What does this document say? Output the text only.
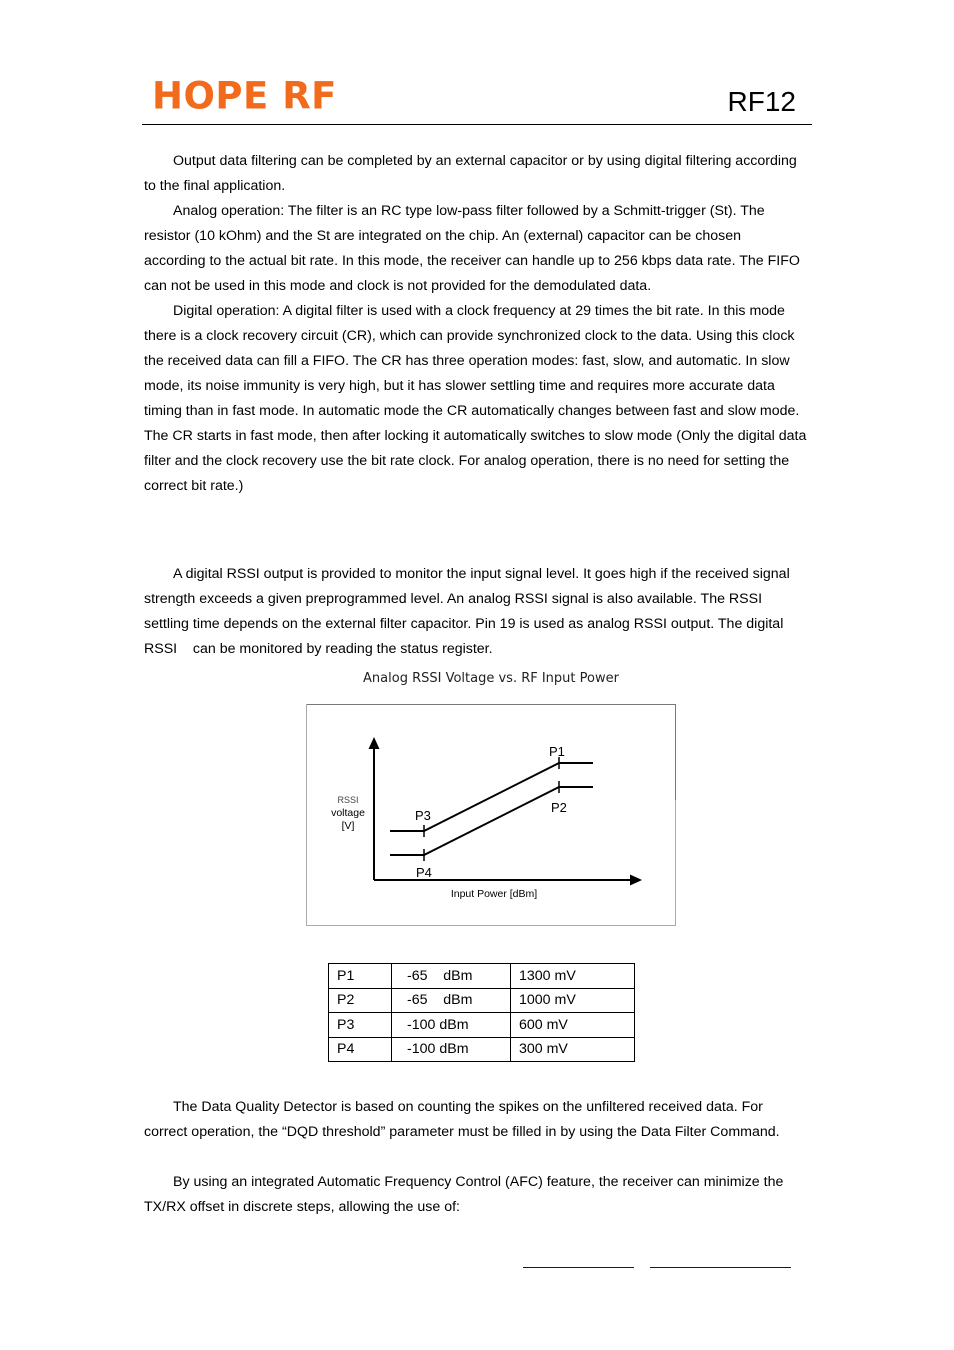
HOPE RF	RF12
Output data filtering can be completed by an external capacitor or by using digital filtering according
to the final application.
Analog operation: The filter is an RC type low-pass filter followed by a Schmitt-trigger (St). The
resistor (10 kOhm) and the St are integrated on the chip. An (external) capacitor can be chosen
according to the actual bit rate. In this mode, the receiver can handle up to 256 kbps data rate. The FIFO
can not be used in this mode and clock is not provided for the demodulated data.
Digital operation: A digital filter is used with a clock frequency at 29 times the bit rate. In this mode
there is a clock recovery circuit (CR), which can provide synchronized clock to the data. Using this clock
the received data can fill a FIFO. The CR has three operation modes: fast, slow, and automatic. In slow
mode, its noise immunity is very high, but it has slower settling time and requires more accurate data
timing than in fast mode. In automatic mode the CR automatically changes between fast and slow mode.
The CR starts in fast mode, then after locking it automatically switches to slow mode (Only the digital data
filter and the clock recovery use the bit rate clock. For analog operation, there is no need for setting the
correct bit rate.)
A digital RSSI output is provided to monitor the input signal level. It goes high if the received signal
strength exceeds a given preprogrammed level. An analog RSSI signal is also available. The RSSI
settling time depends on the external filter capacitor. Pin 19 is used as analog RSSI output. The digital
RSSI    can be monitored by reading the status register.
Analog RSSI Voltage vs. RF Input Power
P1
P2
P3
P4
RSSI
voltage
[V]
Input Power [dBm]
P1	-65    dBm	1300 mV
P2	-65    dBm	1000 mV
P3	-100 dBm	600 mV
P4	-100 dBm	300 mV
The Data Quality Detector is based on counting the spikes on the unfiltered received data. For
correct operation, the “DQD threshold” parameter must be filled in by using the Data Filter Command.
By using an integrated Automatic Frequency Control (AFC) feature, the receiver can minimize the
TX/RX offset in discrete steps, allowing the use of:
